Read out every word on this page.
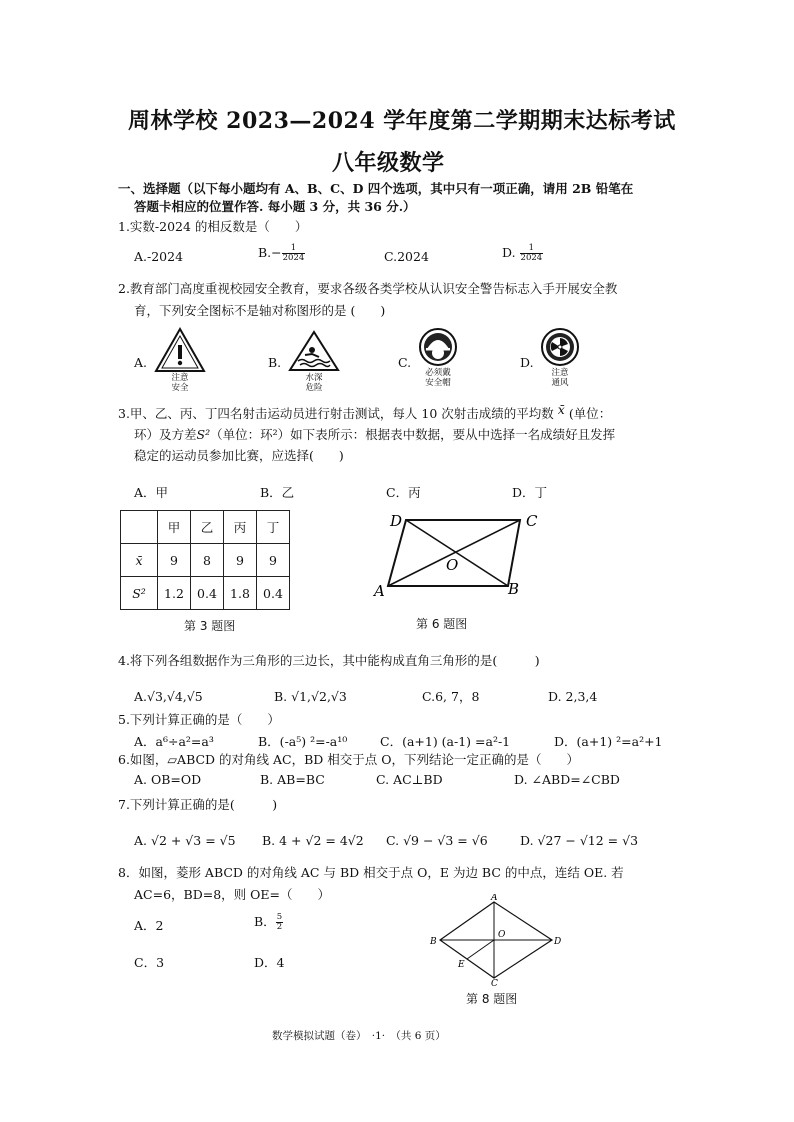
周林学校 2023—2024 学年度第二学期期末达标考试
八年级数学
一、选择题（以下每小题均有 A、B、C、D 四个选项，其中只有一项正确，请用 2B 铅笔在
答题卡相应的位置作答. 每小题 3 分，共 36 分.）
1.实数-2024 的相反数是（　　）
A.-2024	$B.- \frac{1}{2024}$	C.2024	D. $\frac{1}{2024}$
2.教育部门高度重视校园安全教育，要求各级各类学校从认识安全警告标志入手开展安全教
育，下列安全图标不是轴对称图形的是 (　　)
A.
注意
安全
B.
水深
危险
C.
必须戴
安全帽
D.
注意
通风
3.甲、乙、丙、丁四名射击运动员进行射击测试，每人 10 次射击成绩的平均数 x̄ (单位：
环）及方差S²（单位：环²）如下表所示：根据表中数据，要从中选择一名成绩好且发挥
稳定的运动员参加比赛，应选择(　　)
A．甲	B．乙	C．丙	D．丁
	甲	乙	丙	丁
x̄	9	8	9	9
S²	1.2	0.4	1.8	0.4
第 3 题图
D	C
O
A	B
第 6 题图
4.将下列各组数据作为三角形的三边长，其中能构成直角三角形的是(　　　)
A.√3,√4,√5	B. √1,√2,√3	C.6, 7，8	D. 2,3,4
5.下列计算正确的是（　　）
A．a⁶÷a²=a³	B．(-a⁵) ²=-a¹⁰	C．(a+1) (a-1) =a²-1	D．(a+1) ²=a²+1
6.如图，▱ABCD 的对角线 AC，BD 相交于点 O，下列结论一定正确的是（　　）
A. OB=OD	B. AB=BC	C. AC⊥BD	D. ∠ABD=∠CBD
7.下列计算正确的是(　　　)
A. √2 + √3 = √5 B. 4 + √2 = 4√2 C. √9 − √3 = √6	D. √27 − √12 = √3
8．如图，菱形 ABCD 的对角线 AC 与 BD 相交于点 O，E 为边 BC 的中点，连结 OE. 若
AC=6，BD=8，则 OE=（　　）
A．2	B． $\frac{5}{2}$
C．3	D．4
A
B	D
C
O
E
第 8 题图
数学模拟试题（卷）　·1·　（共 6 页）
